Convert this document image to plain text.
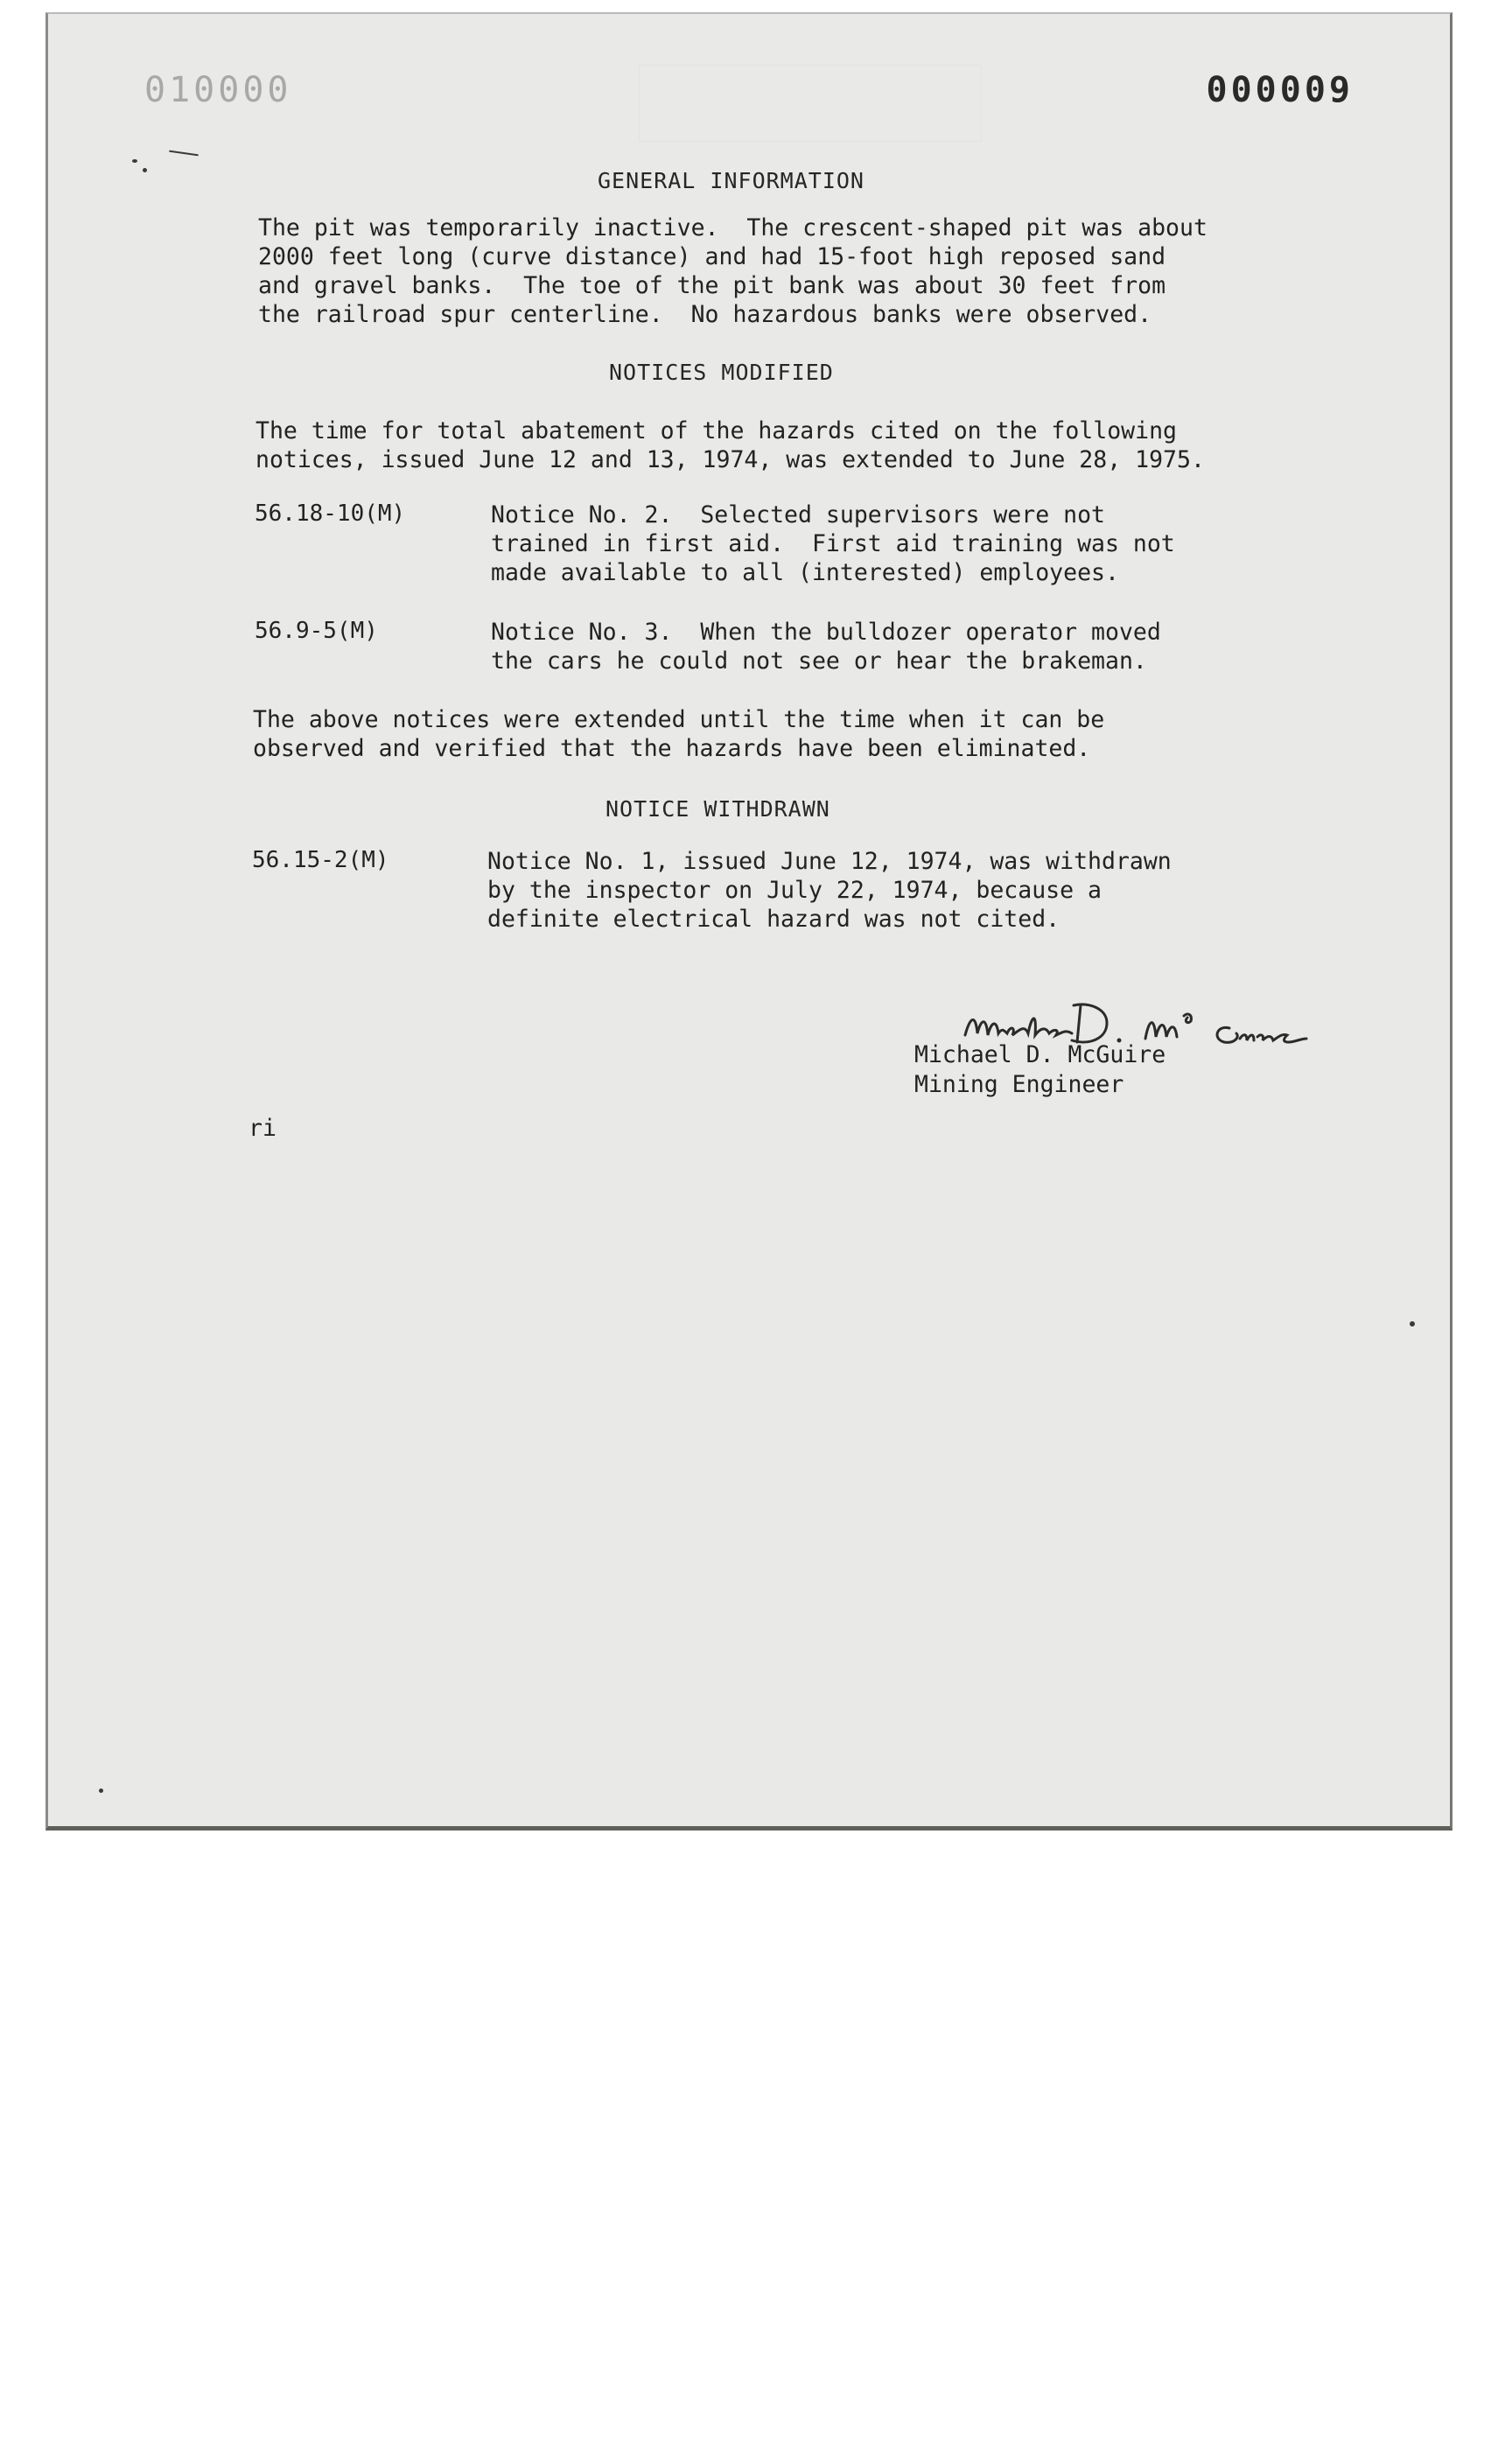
010000	000009
GENERAL INFORMATION
The pit was temporarily inactive.  The crescent-shaped pit was about
2000 feet long (curve distance) and had 15-foot high reposed sand
and gravel banks.  The toe of the pit bank was about 30 feet from
the railroad spur centerline.  No hazardous banks were observed.
NOTICES MODIFIED
The time for total abatement of the hazards cited on the following
notices, issued June 12 and 13, 1974, was extended to June 28, 1975.
56.18-10(M)	Notice No. 2.  Selected supervisors were not
trained in first aid.  First aid training was not
made available to all (interested) employees.
56.9-5(M)	Notice No. 3.  When the bulldozer operator moved
the cars he could not see or hear the brakeman.
The above notices were extended until the time when it can be
observed and verified that the hazards have been eliminated.
NOTICE WITHDRAWN
56.15-2(M)	Notice No. 1, issued June 12, 1974, was withdrawn
by the inspector on July 22, 1974, because a
definite electrical hazard was not cited.
Michael D. McGuire
Mining Engineer
ri
